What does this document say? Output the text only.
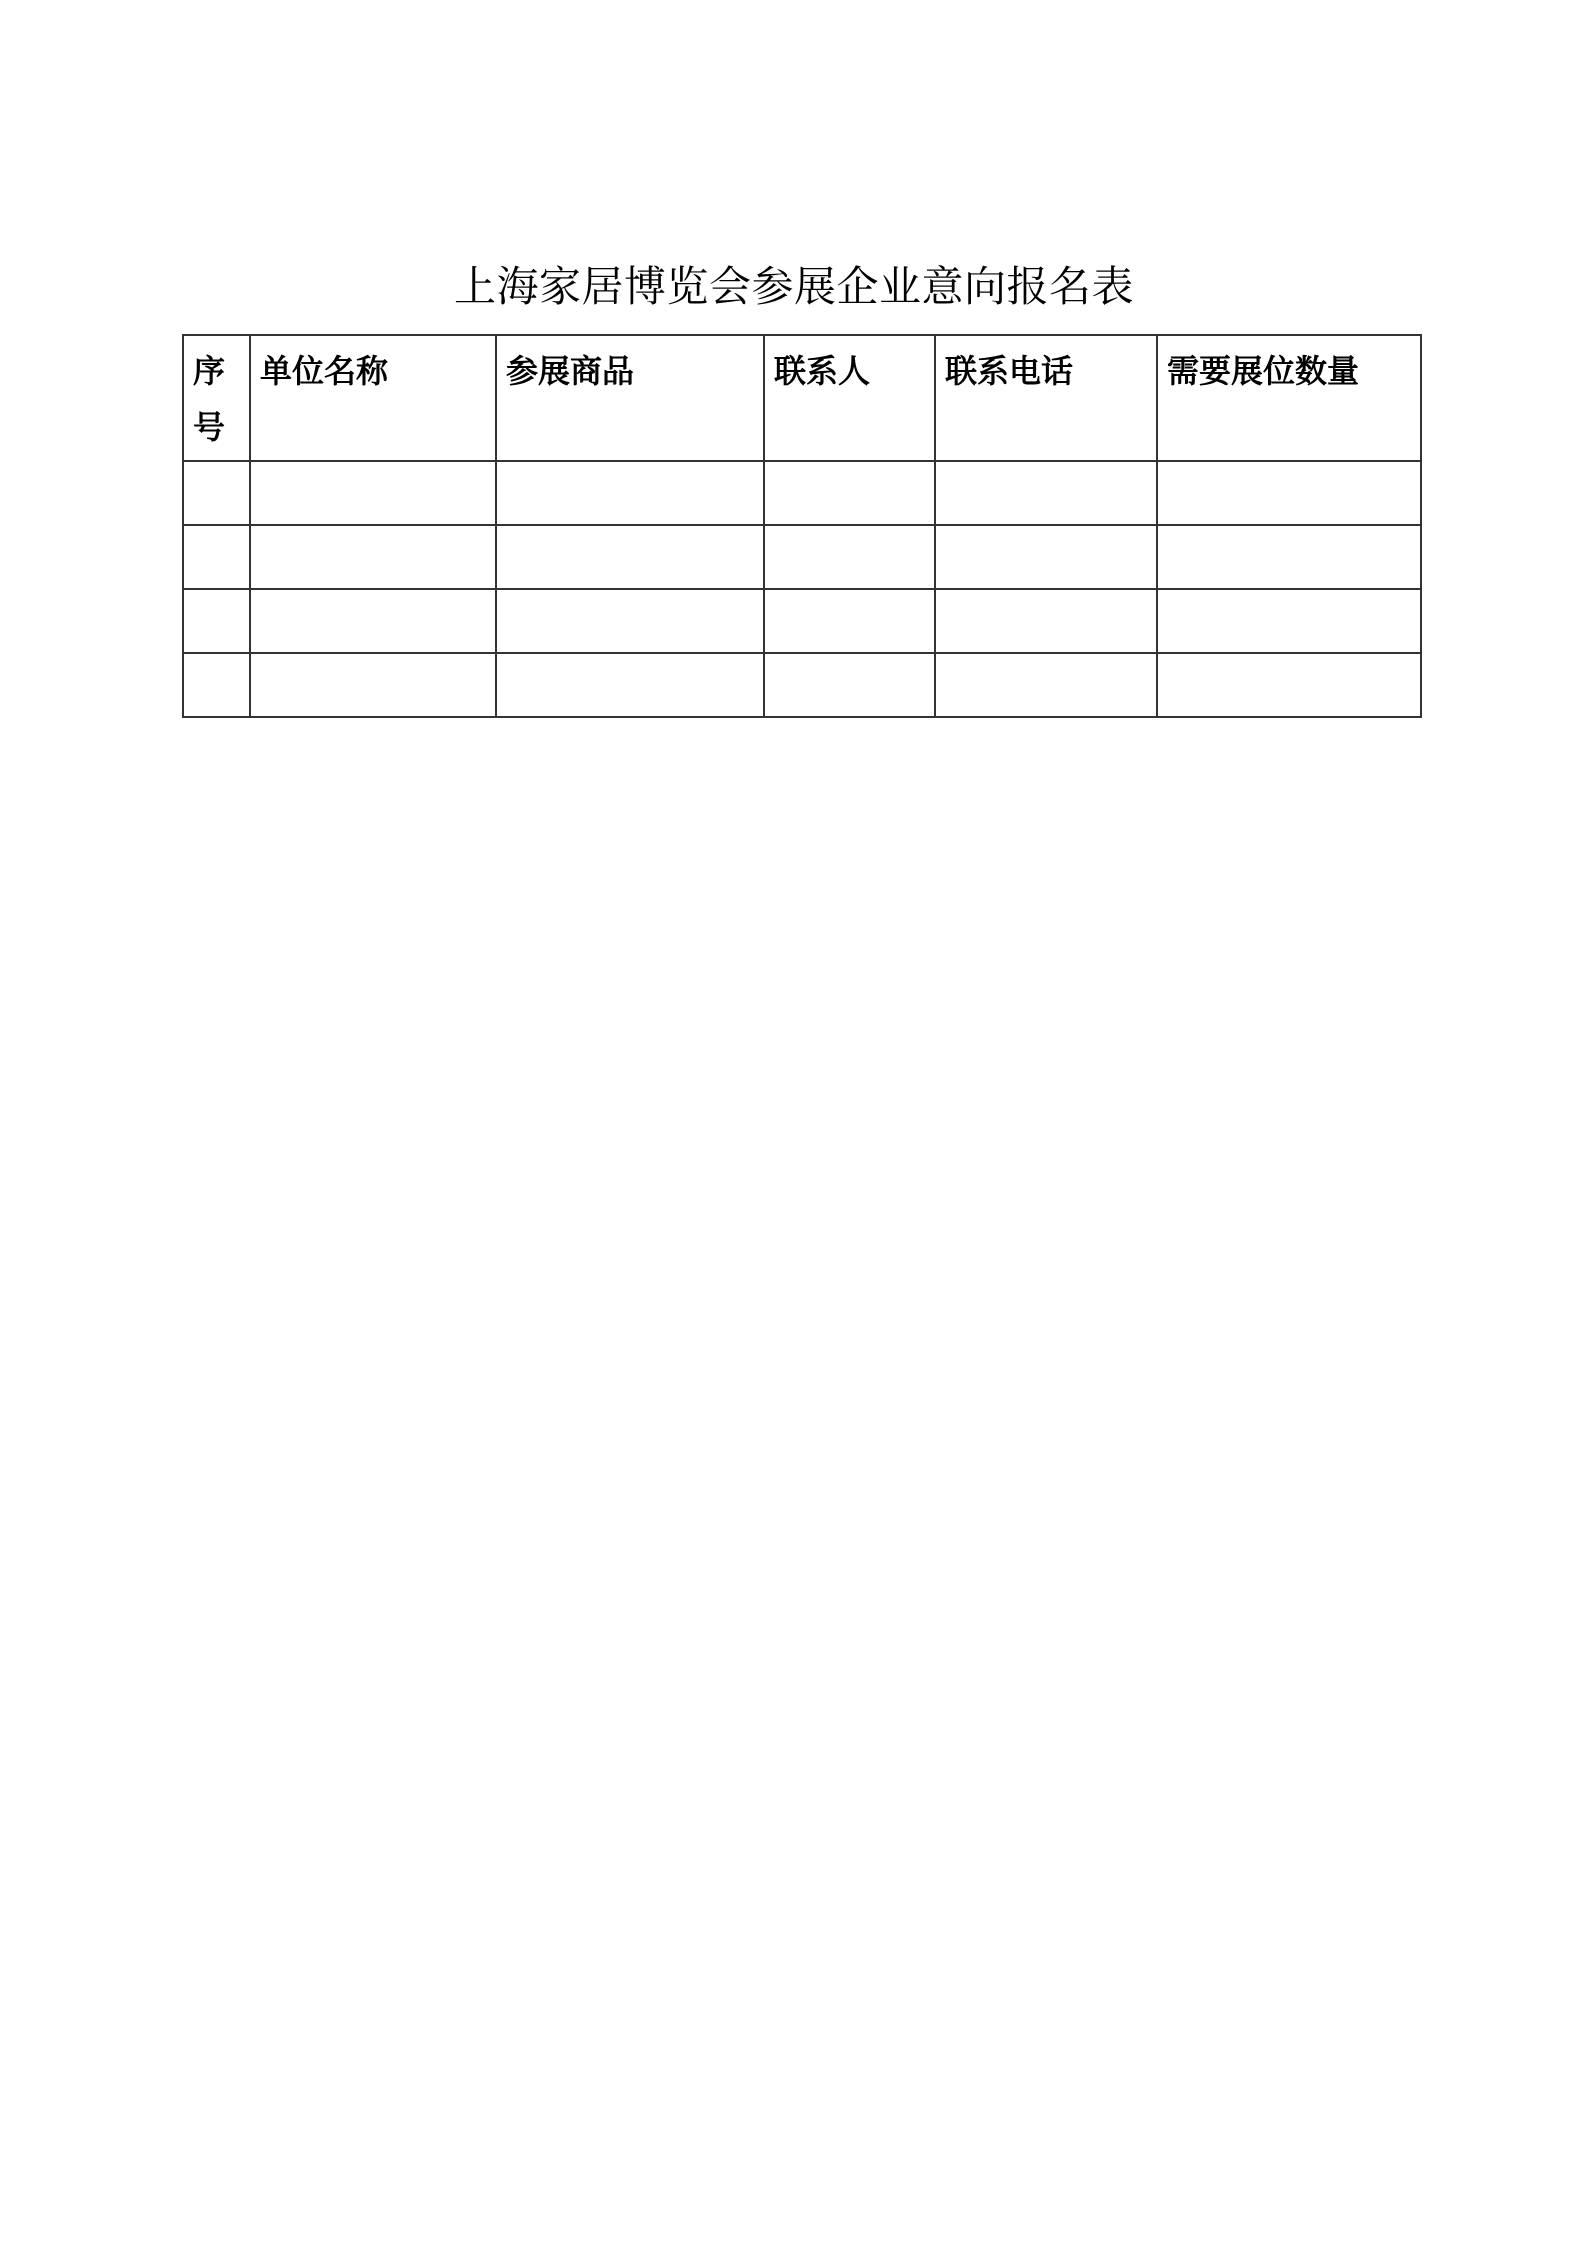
上海家居博览会参展企业意向报名表
序号	单位名称	参展商品	联系人	联系电话	需要展位数量
